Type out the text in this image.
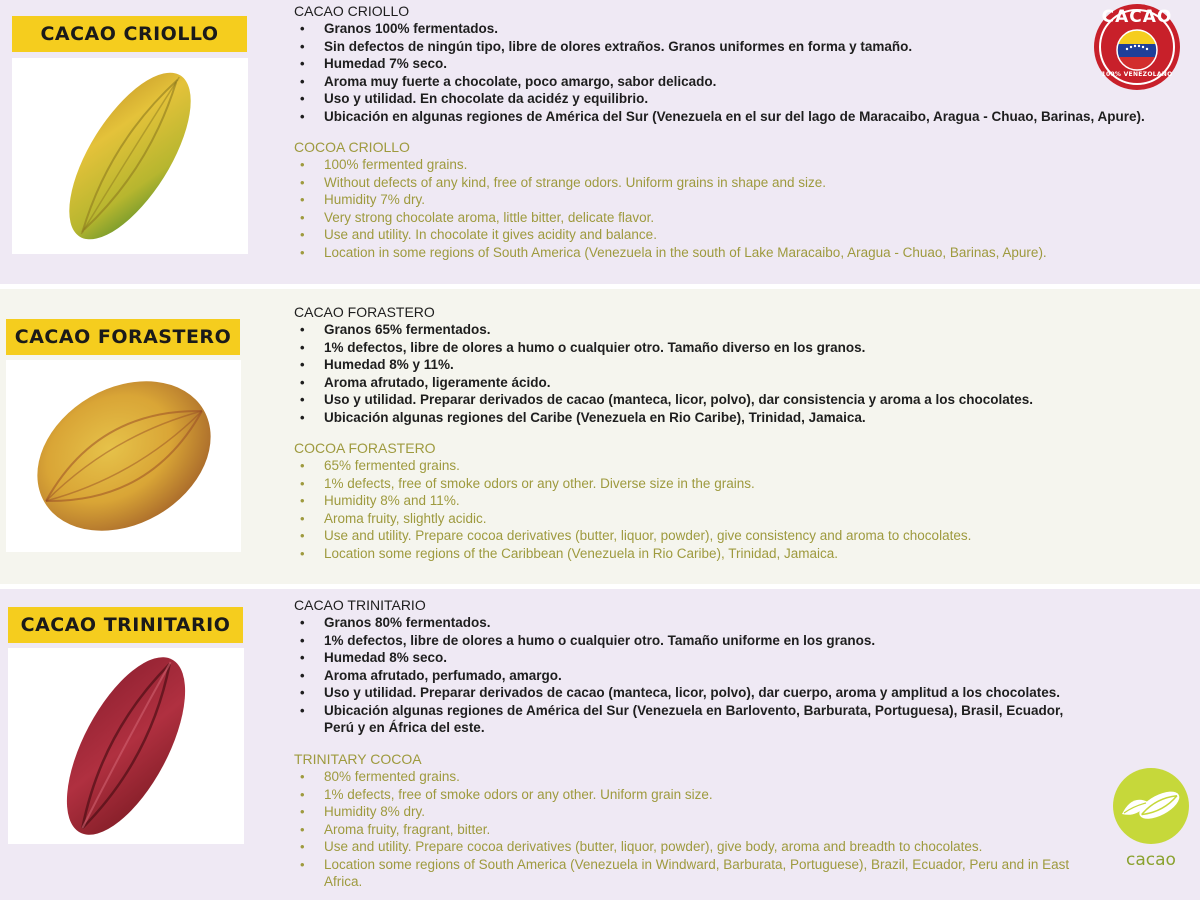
CACAO CRIOLLO

CACAO CRIOLLO

• Granos 100% fermentados.
• Sin defectos de ningún tipo, libre de olores extraños. Granos uniformes en forma y tamaño.
• Humedad 7% seco.
• Aroma muy fuerte a chocolate, poco amargo, sabor delicado.
• Uso y utilidad. En chocolate da acidéz y equilibrio.
• Ubicación en algunas regiones de América del Sur (Venezuela en el sur del lago de Maracaibo, Aragua - Chuao, Barinas, Apure).

COCOA CRIOLLO

• 100% fermented grains.
• Without defects of any kind, free of strange odors. Uniform grains in shape and size.
• Humidity 7% dry.
• Very strong chocolate aroma, little bitter, delicate flavor.
• Use and utility. In chocolate it gives acidity and balance.
• Location in some regions of South America (Venezuela in the south of Lake Maracaibo, Aragua - Chuao, Barinas, Apure).
CACAO FORASTERO

CACAO FORASTERO

• Granos 65% fermentados.
• 1% defectos, libre de olores a humo o cualquier otro. Tamaño diverso en los granos.
• Humedad 8% y 11%.
• Aroma afrutado, ligeramente ácido.
• Uso y utilidad. Preparar derivados de cacao (manteca, licor, polvo), dar consistencia y aroma a los chocolates.
• Ubicación algunas regiones del Caribe (Venezuela en Rio Caribe), Trinidad, Jamaica.

COCOA FORASTERO

• 65% fermented grains.
• 1% defects, free of smoke odors or any other. Diverse size in the grains.
• Humidity 8% and 11%.
• Aroma fruity, slightly acidic.
• Use and utility. Prepare cocoa derivatives (butter, liquor, powder), give consistency and aroma to chocolates.
• Location some regions of the Caribbean (Venezuela in Rio Caribe), Trinidad, Jamaica.
CACAO TRINITARIO

CACAO TRINITARIO

• Granos 80% fermentados.
• 1% defectos, libre de olores a humo o cualquier otro. Tamaño uniforme en los granos.
• Humedad 8% seco.
• Aroma afrutado, perfumado, amargo.
• Uso y utilidad. Preparar derivados de cacao (manteca, licor, polvo), dar cuerpo, aroma y amplitud a los chocolates.
• Ubicación algunas regiones de América del Sur (Venezuela en Barlovento, Barburata, Portuguesa), Brasil, Ecuador, Perú y en África del este.

TRINITARY COCOA

• 80% fermented grains.
• 1% defects, free of smoke odors or any other. Uniform grain size.
• Humidity 8% dry.
• Aroma fruity, fragrant, bitter.
• Use and utility. Prepare cocoa derivatives (butter, liquor, powder), give body, aroma and breadth to chocolates.
• Location some regions of South America (Venezuela in Windward, Barburata, Portuguese), Brazil, Ecuador, Peru and in East Africa.
CACAO
100% VENEZOLANO
cacao
